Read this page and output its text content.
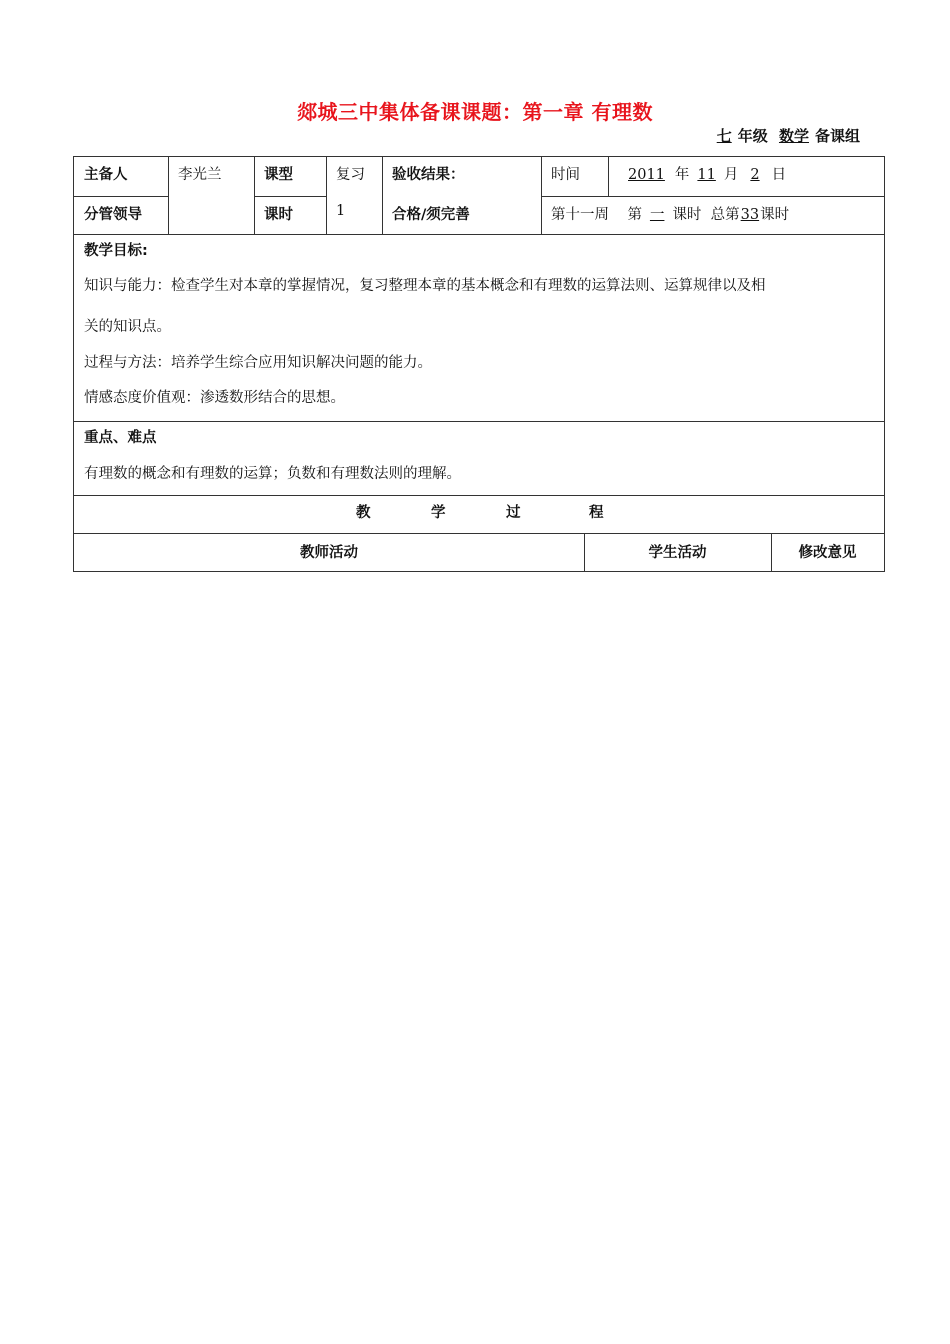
郯城三中集体备课课题：第一章 有理数
七 年级 数学 备课组
主备人	李光兰	课型	复习	验收结果：	时间	2011 年 11 月 2 日
分管领导	课时	1	合格/须完善	第十一周 第 一 课时 总第33课时
教学目标:
知识与能力：检查学生对本章的掌握情况，复习整理本章的基本概念和有理数的运算法则、运算规律以及相
关的知识点。
过程与方法：培养学生综合应用知识解决问题的能力。
情感态度价值观：渗透数形结合的思想。
重点、难点
有理数的概念和有理数的运算；负数和有理数法则的理解。
教	学	过	程
教师活动	学生活动	修改意见
